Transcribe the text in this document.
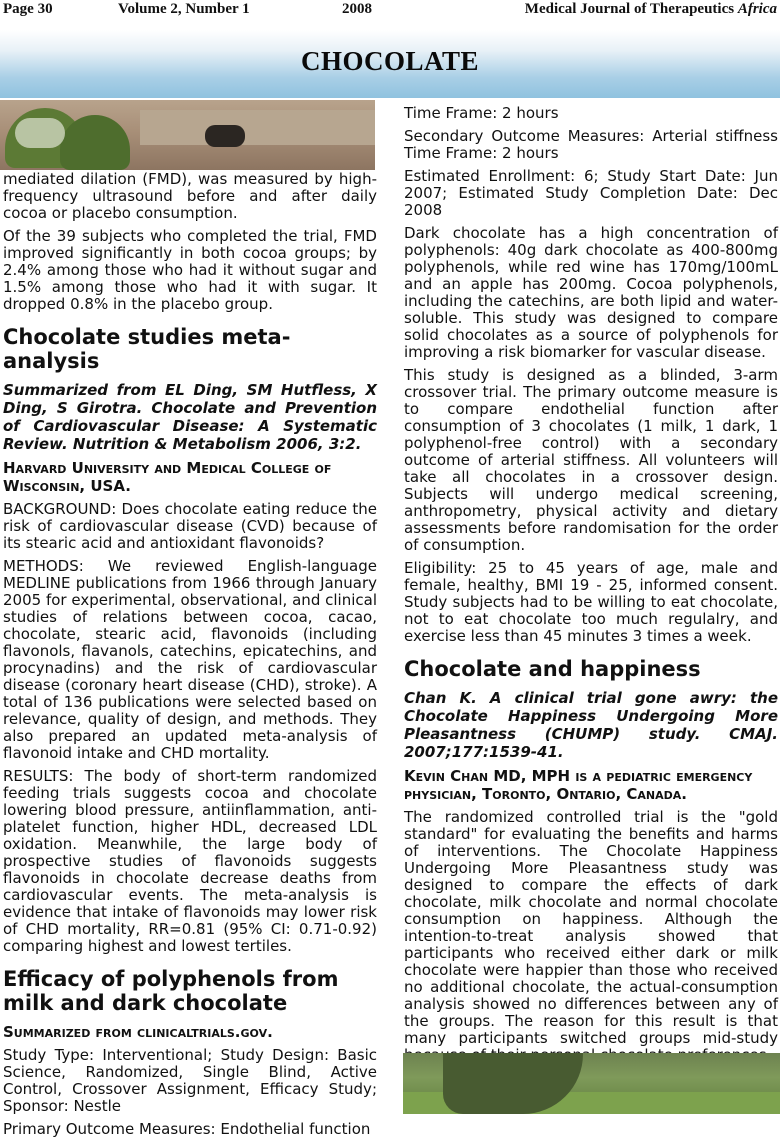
Page 30	Volume 2, Number 1	2008	Medical Journal of Therapeutics Africa
CHOCOLATE

mediated dilation (FMD), was measured by high-frequency ultrasound before and after daily cocoa or placebo consumption.

Of the 39 subjects who completed the trial, FMD improved significantly in both cocoa groups; by 2.4% among those who had it without sugar and 1.5% among those who had it with sugar. It dropped 0.8% in the placebo group.

Chocolate studies meta-analysis
Summarized from EL Ding, SM Hutfless, X Ding, S Girotra. Chocolate and Prevention of Cardiovascular Disease: A Systematic Review. Nutrition & Metabolism 2006, 3:2.
Harvard University and Medical College of Wisconsin, USA.

BACKGROUND: Does chocolate eating reduce the risk of cardiovascular disease (CVD) because of its stearic acid and antioxidant flavonoids?

METHODS: We reviewed English-language MEDLINE publications from 1966 through January 2005 for experimental, observational, and clinical studies of relations between cocoa, cacao, chocolate, stearic acid, flavonoids (including flavonols, flavanols, catechins, epicatechins, and procynadins) and the risk of cardiovascular disease (coronary heart disease (CHD), stroke). A total of 136 publications were selected based on relevance, quality of design, and methods. They also prepared an updated meta-analysis of flavonoid intake and CHD mortality.

RESULTS: The body of short-term randomized feeding trials suggests cocoa and chocolate lowering blood pressure, antiinflammation, anti-platelet function, higher HDL, decreased LDL oxidation. Meanwhile, the large body of prospective studies of flavonoids suggests flavonoids in chocolate decrease deaths from cardiovascular events. The meta-analysis is evidence that intake of flavonoids may lower risk of CHD mortality, RR=0.81 (95% CI: 0.71-0.92) comparing highest and lowest tertiles.

Efficacy of polyphenols from milk and dark chocolate
Summarized from clinicaltrials.gov.

Study Type: Interventional; Study Design: Basic Science, Randomized, Single Blind, Active Control, Crossover Assignment, Efficacy Study; Sponsor: Nestle

Primary Outcome Measures: Endothelial function

Time Frame: 2 hours

Secondary Outcome Measures: Arterial stiffness Time Frame: 2 hours

Estimated Enrollment: 6; Study Start Date: Jun 2007; Estimated Study Completion Date: Dec 2008

Dark chocolate has a high concentration of polyphenols: 40g dark chocolate as 400-800mg polyphenols, while red wine has 170mg/100mL and an apple has 200mg. Cocoa polyphenols, including the catechins, are both lipid and water-soluble. This study was designed to compare solid chocolates as a source of polyphenols for improving a risk biomarker for vascular disease.

This study is designed as a blinded, 3-arm crossover trial. The primary outcome measure is to compare endothelial function after consumption of 3 chocolates (1 milk, 1 dark, 1 polyphenol-free control) with a secondary outcome of arterial stiffness. All volunteers will take all chocolates in a crossover design. Subjects will undergo medical screening, anthropometry, physical activity and dietary assessments before randomisation for the order of consumption.

Eligibility: 25 to 45 years of age, male and female, healthy, BMI 19 - 25, informed consent. Study subjects had to be willing to eat chocolate, not to eat chocolate too much regulalry, and exercise less than 45 minutes 3 times a week.

Chocolate and happiness
Chan K. A clinical trial gone awry: the Chocolate Happiness Undergoing More Pleasantness (CHUMP) study. CMAJ. 2007;177:1539-41.
Kevin Chan MD, MPH is a pediatric emergency physician, Toronto, Ontario, Canada.

The randomized controlled trial is the "gold standard" for evaluating the benefits and harms of interventions. The Chocolate Happiness Undergoing More Pleasantness study was designed to compare the effects of dark chocolate, milk chocolate and normal chocolate consumption on happiness. Although the intention-to-treat analysis showed that participants who received either dark or milk chocolate were happier than those who received no additional chocolate, the actual-consumption analysis showed no differences between any of the groups. The reason for this result is that many participants switched groups mid-study
